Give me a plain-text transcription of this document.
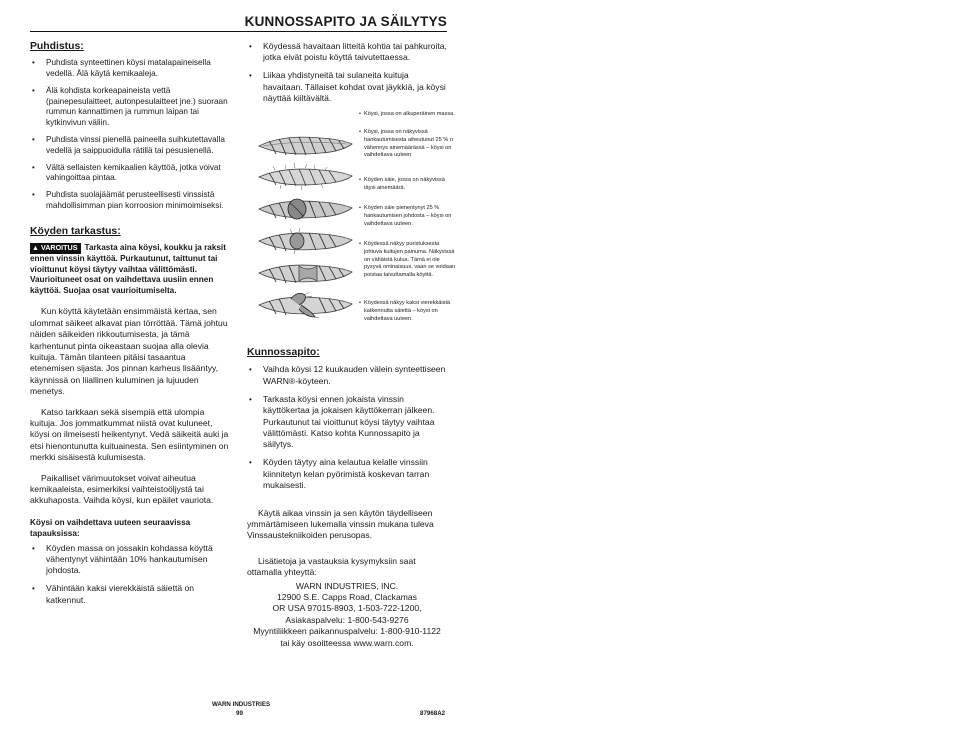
KUNNOSSAPITO JA SÄILYTYS
Puhdistus:
• Puhdista synteettinen köysi matalapaineisella vedellä. Älä käytä kemikaaleja.
• Älä kohdista korkeapaineista vettä (painepesulaitteet, autonpesulaitteet jne.) suoraan rummun kannattimen ja rummun laipan tai kytkinvivun väliin.
• Puhdista vinssi pienellä paineella suihkutettavalla vedellä ja saippuoidulla rätillä tai pesusienellä.
• Vältä sellaisten kemikaalien käyttöä, jotka voivat vahingoittaa pintaa.
• Puhdista suolajäämät perusteellisesti vinssistä mahdollisimman pian korroosion minimoimiseksi.
Köyden tarkastus:
▲ VAROITUS Tarkasta aina köysi, koukku ja raksit ennen vinssin käyttöä. Purkautunut, taittunut tai vioittunut köysi täytyy vaihtaa välittömästi. Vaurioituneet osat on vaihdettava uusiin ennen käyttöä. Suojaa osat vaurioitumiselta.

Kun köyttä käytetään ensimmäistä kertaa, sen ulommat säikeet alkavat pian törröttää. Tämä johtuu näiden säikeiden rikkoutumisesta, ja tämä karhentunut pinta oikeastaan suojaa alla olevia kuituja. Tämän tilanteen pitäisi tasaantua etenemisen sijasta. Jos pinnan karheus lisääntyy, käynnissä on liiallinen kuluminen ja lujuuden menetys.

Katso tarkkaan sekä sisempiä että ulompia kuituja. Jos jommatkummat niistä ovat kuluneet, köysi on ilmeisesti heikentynyt. Vedä säikeitä auki ja etsi hienontunutta kuituainesta. Sen esiintyminen on merkki sisäisestä kulumisesta.

Paikalliset värimuutokset voivat aiheutua kemikaaleista, esimerkiksi vaihteistoöljystä tai akkuhaposta. Vaihda köysi, kun epäilet vauriota.

Köysi on vaihdettava uuteen seuraavissa tapauksissa:
• Köyden massa on jossakin kohdassa köyttä vähentynyt vähintään 10% hankautumisen johdosta.
• Vähintään kaksi vierekkäistä säiettä on katkennut.
• Köydessä havaitaan litteitä kohtia tai pahkuroita, jotka eivät poistu köyttä taivutettaessa.
• Liikaa yhdistyneitä tai sulaneita kuituja havaitaan. Tällaiset kohdat ovat jäykkiä, ja köysi näyttää kiiltävältä.
• Köysi, jossa on alkuperäinen massa.
• Köysi, jossa on näkyvissä hankautumisesta aiheutunut 25 % n vähennys ainemäärässä – köysi on vaihdettava uuteen
• Köyden säie, jossa on näkyvissä täysi ainemäärä.
• Köyden säie pienentynyt 25 % hankautumisen johdosta – köysi on vaihdettava uuteen.
• Köydessä näkyy puristuksesta johtuva kuitujen painuma. Näkyvissä on vähäistä kulua. Tämä ei ole pysyvä ominaisuus, vaan se voidaan poistaa taivuttamalla köyttä.
• Köydessä näkyy kaksi vierekkäistä katkennutta säiettä – köysi on vaihdettava uuteen.
Kunnossapito:
• Vaihda köysi 12 kuukauden välein synteettiseen WARN®-köyteen.
• Tarkasta köysi ennen jokaista vinssin käyttökertaa ja jokaisen käyttökerran jälkeen. Purkautunut tai vioittunut köysi täytyy vaihtaa välittömästi. Katso kohta Kunnossapito ja säilytys.
• Köyden täytyy aina kelautua kelalle vinssiin kiinnitetyn kelan pyörimistä koskevan tarran mukaisesti.

Käytä aikaa vinssin ja sen käytön täydelliseen ymmärtämiseen lukemalla vinssin mukana tuleva Vinssaustekniikoiden perusopas.

Lisätietoja ja vastauksia kysymyksiin saat ottamalla yhteyttä:

WARN INDUSTRIES, INC.
12900 S.E. Capps Road, Clackamas
OR USA 97015-8903, 1-503-722-1200,
Asiakaspalvelu: 1-800-543-9276
Myyntiliikkeen paikannuspalvelu: 1-800-910-1122
tai käy osoitteessa www.warn.com.
WARN INDUSTRIES
99	87968A2
